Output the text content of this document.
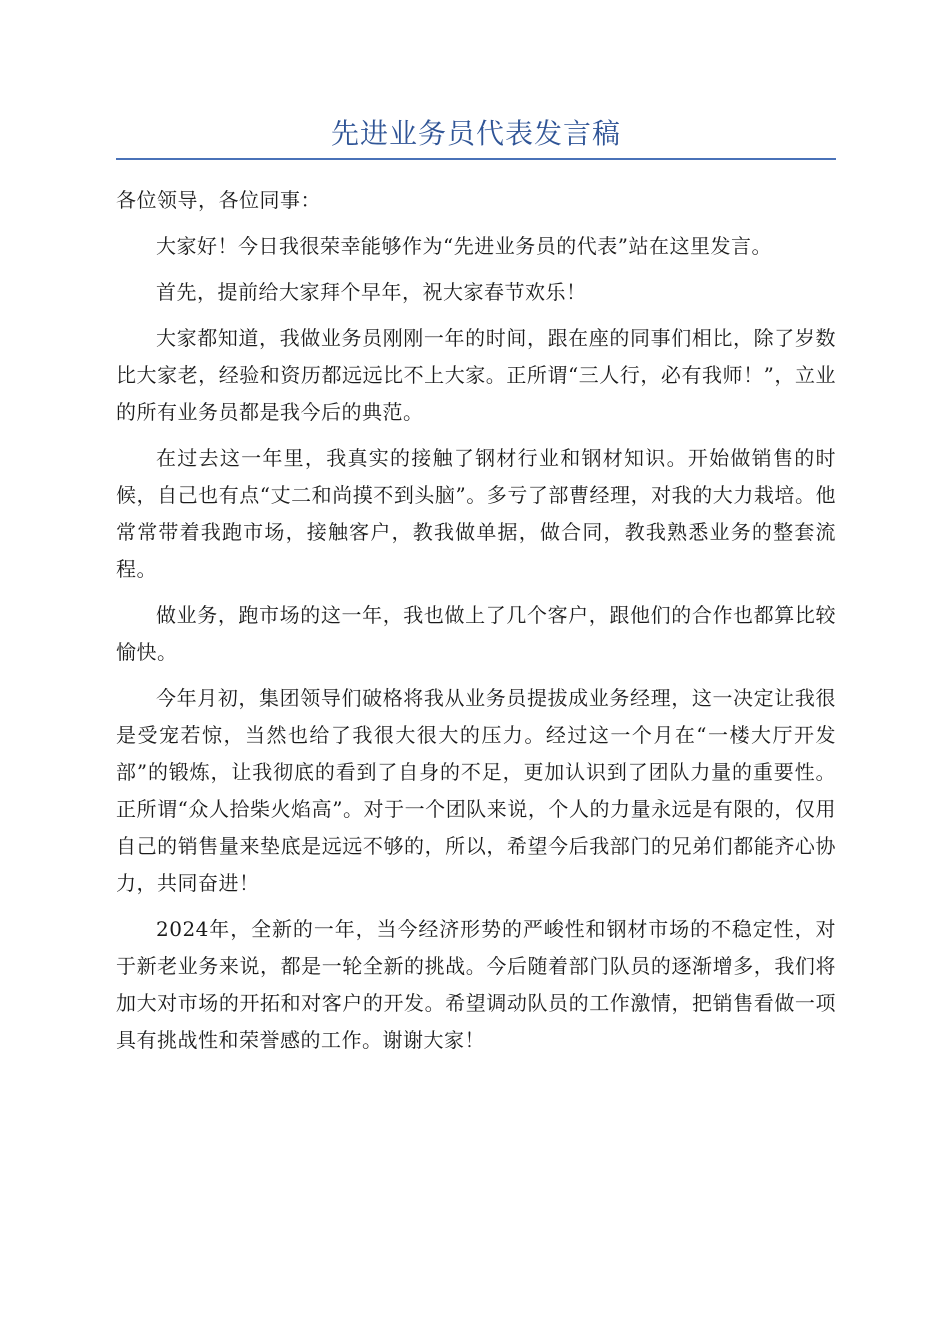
先进业务员代表发言稿

各位领导，各位同事：

大家好！今日我很荣幸能够作为“先进业务员的代表”站在这里发言。

首先，提前给大家拜个早年，祝大家春节欢乐！

大家都知道，我做业务员刚刚一年的时间，跟在座的同事们相比，除了岁数比大家老，经验和资历都远远比不上大家。正所谓“三人行，必有我师！”，立业的所有业务员都是我今后的典范。

在过去这一年里，我真实的接触了钢材行业和钢材知识。开始做销售的时候，自己也有点“丈二和尚摸不到头脑”。多亏了部曹经理，对我的大力栽培。他常常带着我跑市场，接触客户，教我做单据，做合同，教我熟悉业务的整套流程。

做业务，跑市场的这一年，我也做上了几个客户，跟他们的合作也都算比较愉快。

今年月初，集团领导们破格将我从业务员提拔成业务经理，这一决定让我很是受宠若惊，当然也给了我很大很大的压力。经过这一个月在“一楼大厅开发部”的锻炼，让我彻底的看到了自身的不足，更加认识到了团队力量的重要性。正所谓“众人拾柴火焰高”。对于一个团队来说，个人的力量永远是有限的，仅用自己的销售量来垫底是远远不够的，所以，希望今后我部门的兄弟们都能齐心协力，共同奋进！

2024年，全新的一年，当今经济形势的严峻性和钢材市场的不稳定性，对于新老业务来说，都是一轮全新的挑战。今后随着部门队员的逐渐增多，我们将加大对市场的开拓和对客户的开发。希望调动队员的工作激情，把销售看做一项具有挑战性和荣誉感的工作。谢谢大家！
